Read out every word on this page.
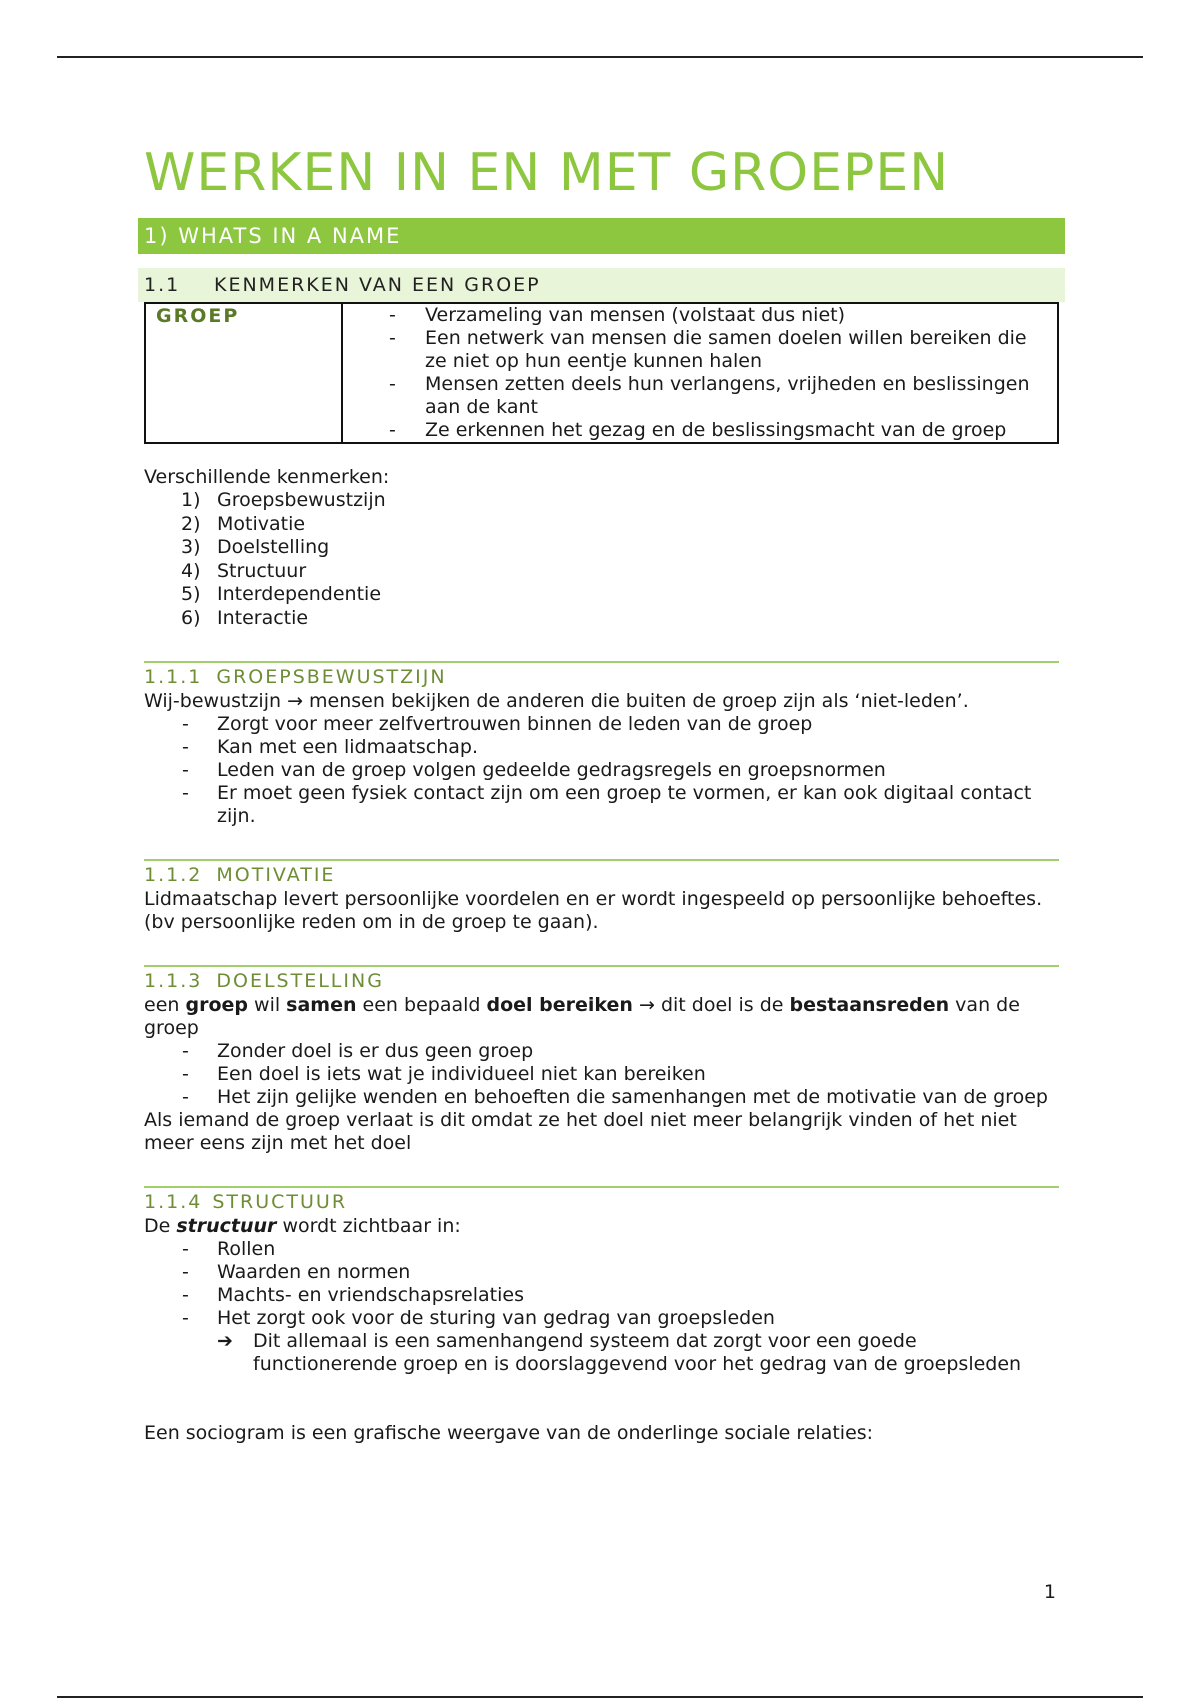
WERKEN IN EN MET GROEPEN
1) WHATS IN A NAME
1.1	KENMERKEN VAN EEN GROEP
GROEP	
-Verzameling van mensen (volstaat dus niet)
- Een netwerk van mensen die samen doelen willen bereiken die ze niet op hun eentje kunnen halen
- Mensen zetten deels hun verlangens, vrijheden en beslissingen aan de kant
- Ze erkennen het gezag en de beslissingsmacht van de groep

Verschillende kenmerken:

1) Groepsbewustzijn
2) Motivatie
3) Doelstelling
4) Structuur
5) Interdependentie
6) Interactie
1.1.1 GROEPSBEWUSTZIJN

Wij-bewustzijn → mensen bekijken de anderen die buiten de groep zijn als ‘niet-leden’.

- Zorgt voor meer zelfvertrouwen binnen de leden van de groep
- Kan met een lidmaatschap.
- Leden van de groep volgen gedeelde gedragsregels en groepsnormen
- Er moet geen fysiek contact zijn om een groep te vormen, er kan ook digitaal contact zijn.
1.1.2 MOTIVATIE

Lidmaatschap levert persoonlijke voordelen en er wordt ingespeeld op persoonlijke behoeftes. (bv persoonlijke reden om in de groep te gaan).

1.1.3 DOELSTELLING

een groep wil samen een bepaald doel bereiken → dit doel is de bestaansreden van de groep

- Zonder doel is er dus geen groep
- Een doel is iets wat je individueel niet kan bereiken
- Het zijn gelijke wenden en behoeften die samenhangen met de motivatie van de groep

Als iemand de groep verlaat is dit omdat ze het doel niet meer belangrijk vinden of het niet meer eens zijn met het doel

1.1.4 STRUCTUUR

De structuur wordt zichtbaar in:

- Rollen
- Waarden en normen
- Machts- en vriendschapsrelaties
- Het zorgt ook voor de sturing van gedrag van groepsleden
➔ Dit allemaal is een samenhangend systeem dat zorgt voor een goede functionerende groep en is doorslaggevend voor het gedrag van de groepsleden

Een sociogram is een grafische weergave van de onderlinge sociale relaties:

1
